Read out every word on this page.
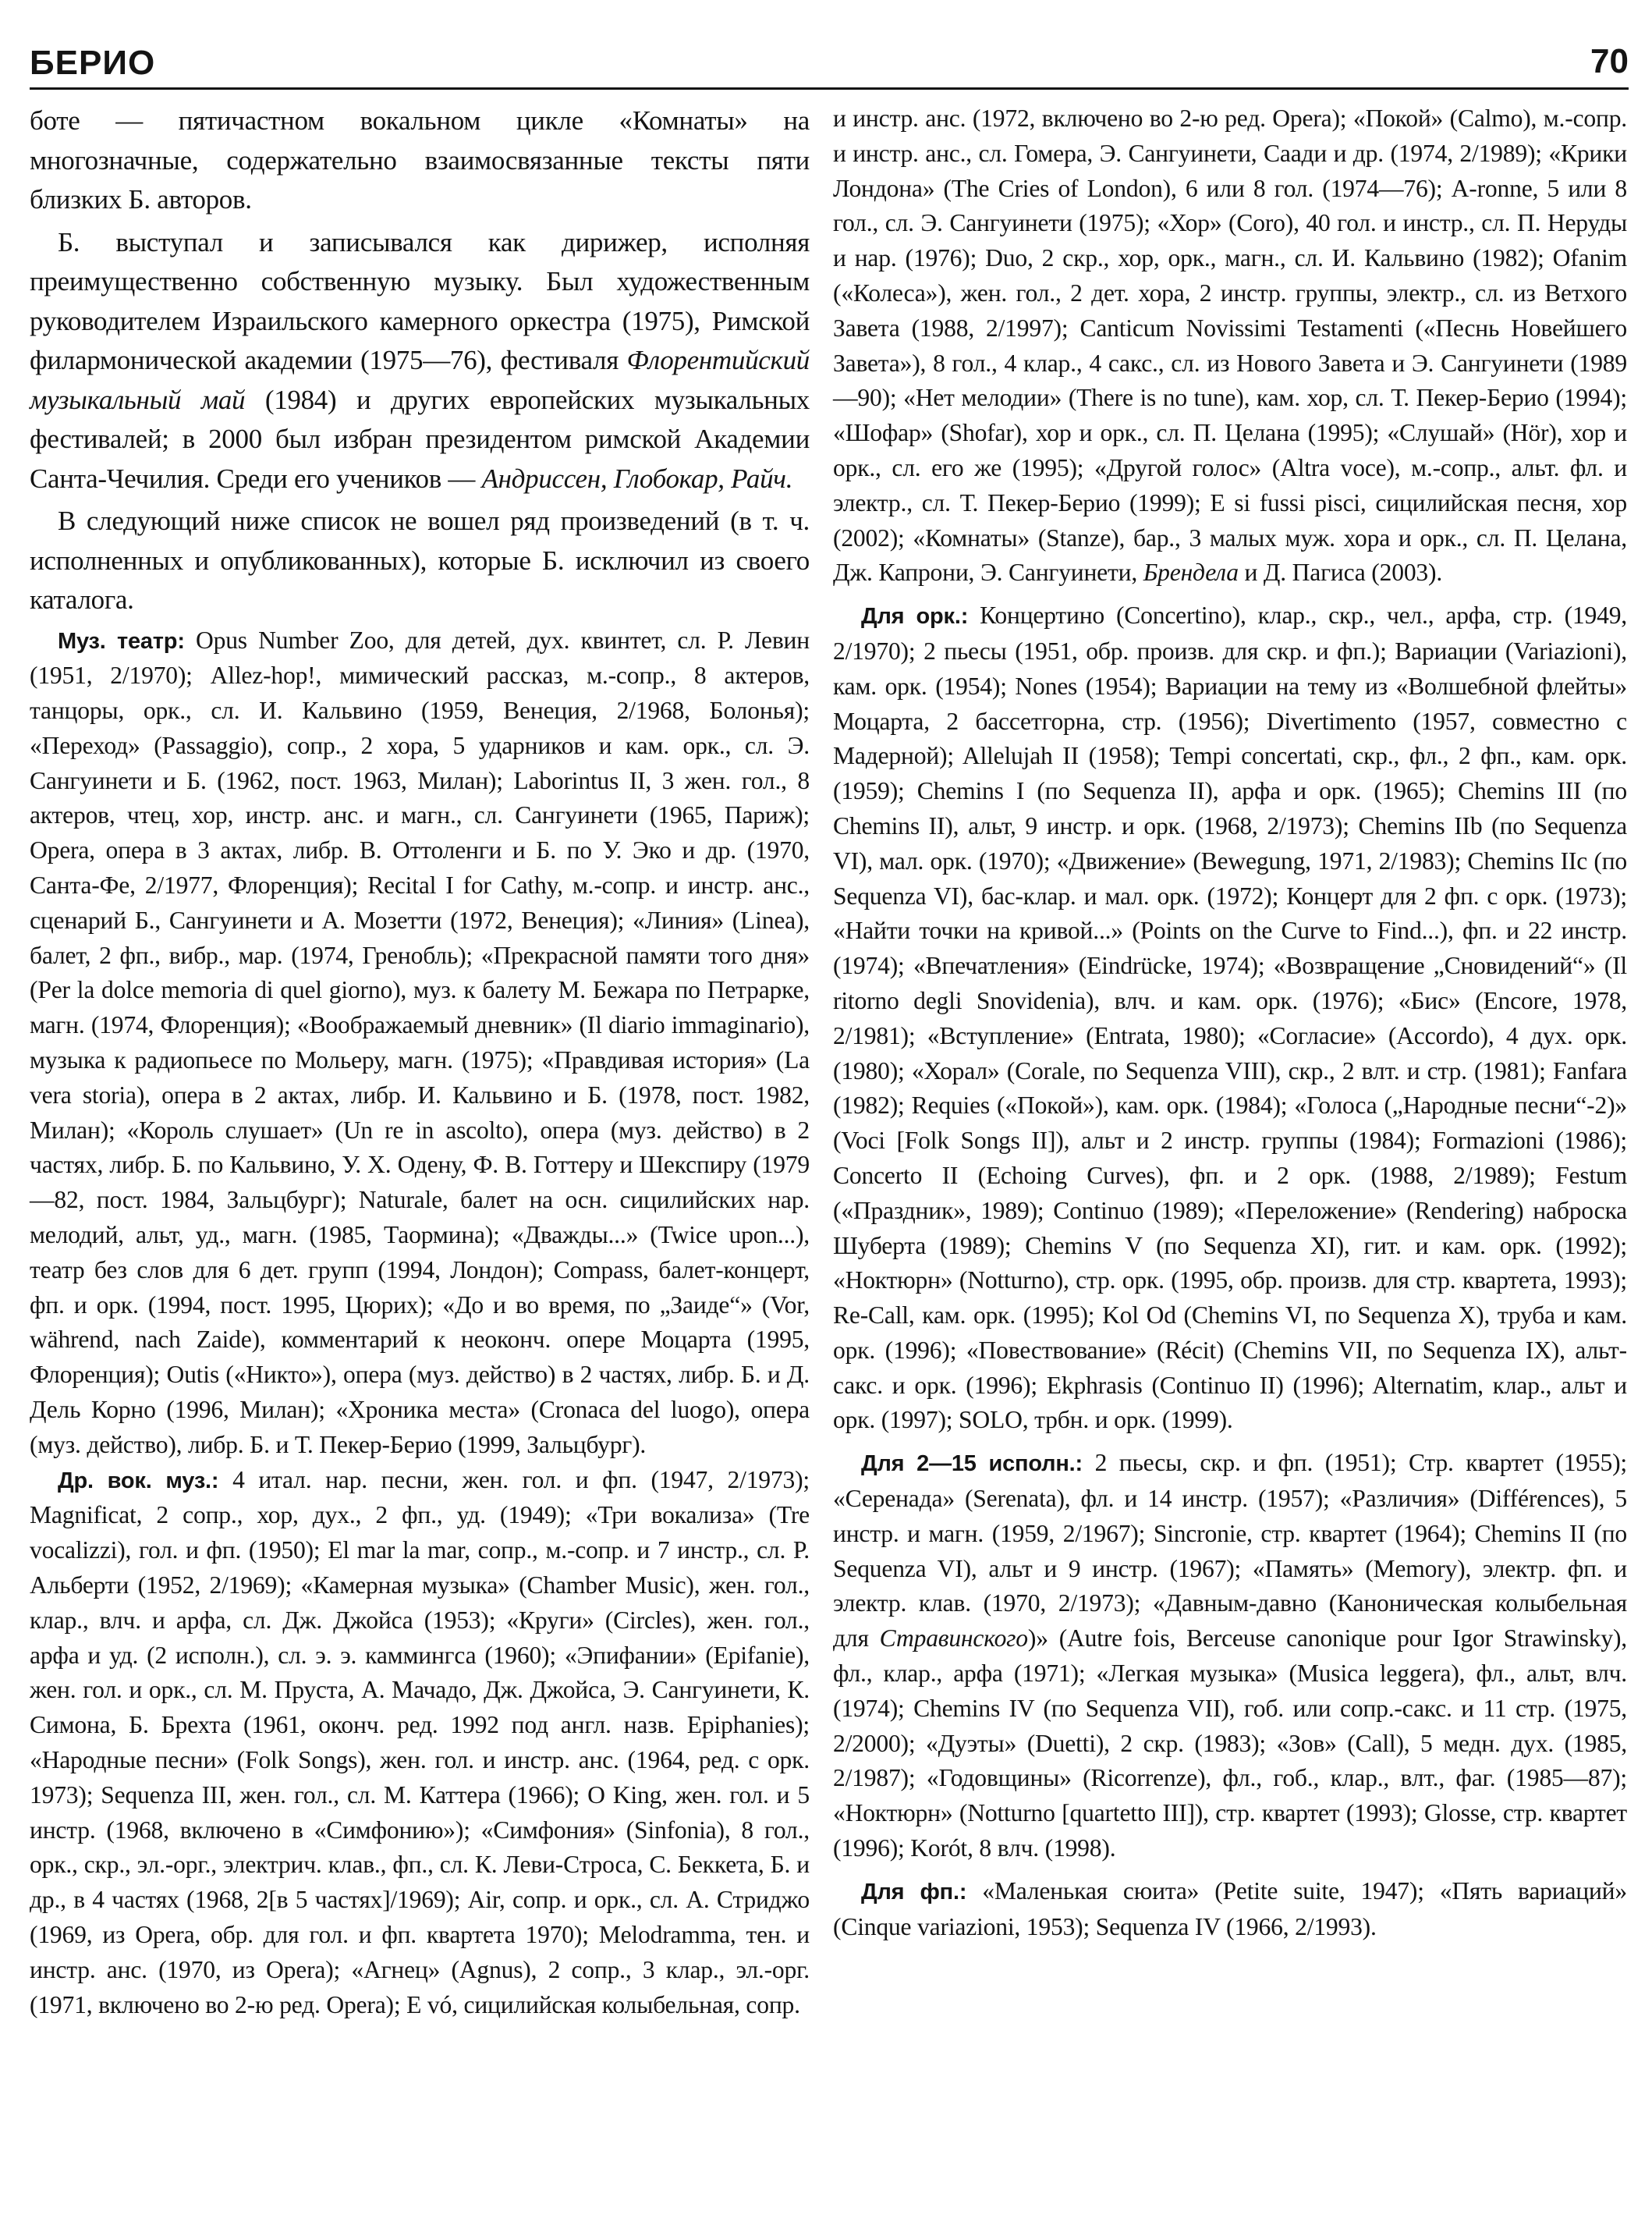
БЕРИО	70

боте — пятичастном вокальном цикле «Комнаты» на многозначные, содержательно взаимосвязанные тексты пяти близких Б. авторов.

Б. выступал и записывался как дирижер, исполняя преимущественно собственную музыку. Был художественным руководителем Израильского камерного оркестра (1975), Римской филармонической академии (1975—76), фестиваля Флорентийский музыкальный май (1984) и других европейских музыкальных фестивалей; в 2000 был избран президентом римской Академии Санта-Чечилия. Среди его учеников — Андриссен, Глобокар, Райч.

В следующий ниже список не вошел ряд произведений (в т. ч. исполненных и опубликованных), которые Б. исключил из своего каталога.

Муз. театр: Opus Number Zoo, для детей, дух. квинтет, сл. Р. Левин (1951, 2/1970); Allez-hop!, мимический рассказ, м.-сопр., 8 актеров, танцоры, орк., сл. И. Кальвино (1959, Венеция, 2/1968, Болонья); «Переход» (Passaggio), сопр., 2 хора, 5 ударников и кам. орк., сл. Э. Сангуинети и Б. (1962, пост. 1963, Милан); Laborintus II, 3 жен. гол., 8 актеров, чтец, хор, инстр. анс. и магн., сл. Сангуинети (1965, Париж); Opera, опера в 3 актах, либр. В. Оттоленги и Б. по У. Эко и др. (1970, Санта-Фе, 2/1977, Флоренция); Recital I for Cathy, м.-сопр. и инстр. анс., сценарий Б., Сангуинети и А. Мозетти (1972, Венеция); «Линия» (Linea), балет, 2 фп., вибр., мар. (1974, Гренобль); «Прекрасной памяти того дня» (Per la dolce memoria di quel giorno), муз. к балету М. Бежара по Петрарке, магн. (1974, Флоренция); «Воображаемый дневник» (Il diario immaginario), музыка к радиопьесе по Мольеру, магн. (1975); «Правдивая история» (La vera storia), опера в 2 актах, либр. И. Кальвино и Б. (1978, пост. 1982, Милан); «Король слушает» (Un re in ascolto), опера (муз. действо) в 2 частях, либр. Б. по Кальвино, У. Х. Одену, Ф. В. Готтеру и Шекспиру (1979—82, пост. 1984, Зальцбург); Naturale, балет на осн. сицилийских нар. мелодий, альт, уд., магн. (1985, Таормина); «Дважды...» (Twice upon...), театр без слов для 6 дет. групп (1994, Лондон); Compass, балет-концерт, фп. и орк. (1994, пост. 1995, Цюрих); «До и во время, по „Заиде“» (Vor, während, nach Zaide), комментарий к неоконч. опере Моцарта (1995, Флоренция); Outis («Никто»), опера (муз. действо) в 2 частях, либр. Б. и Д. Дель Корно (1996, Милан); «Хроника места» (Cronaca del luogo), опера (муз. действо), либр. Б. и Т. Пекер-Берио (1999, Зальцбург).

Др. вок. муз.: 4 итал. нар. песни, жен. гол. и фп. (1947, 2/1973); Magnificat, 2 сопр., хор, дух., 2 фп., уд. (1949); «Три вокализа» (Tre vocalizzi), гол. и фп. (1950); El mar la mar, сопр., м.-сопр. и 7 инстр., сл. Р. Альберти (1952, 2/1969); «Камерная музыка» (Chamber Music), жен. гол., клар., влч. и арфа, сл. Дж. Джойса (1953); «Круги» (Circles), жен. гол., арфа и уд. (2 исполн.), сл. э. э. каммингса (1960); «Эпифании» (Epifanie), жен. гол. и орк., сл. М. Пруста, А. Мачадо, Дж. Джойса, Э. Сангуинети, К. Симона, Б. Брехта (1961, оконч. ред. 1992 под англ. назв. Epiphanies); «Народные песни» (Folk Songs), жен. гол. и инстр. анс. (1964, ред. с орк. 1973); Sequenza III, жен. гол., сл. М. Каттера (1966); O King, жен. гол. и 5 инстр. (1968, включено в «Симфонию»); «Симфония» (Sinfonia), 8 гол., орк., скр., эл.-орг., электрич. клав., фп., сл. К. Леви-Строса, С. Беккета, Б. и др., в 4 частях (1968, 2[в 5 частях]/1969); Air, сопр. и орк., сл. А. Стриджо (1969, из Opera, обр. для гол. и фп. квартета 1970); Melodramma, тен. и инстр. анс. (1970, из Opera); «Агнец» (Agnus), 2 сопр., 3 клар., эл.-орг. (1971, включено во 2-ю ред. Opera); E vó, сицилийская колыбельная, сопр.

и инстр. анс. (1972, включено во 2-ю ред. Opera); «Покой» (Calmo), м.-сопр. и инстр. анс., сл. Гомера, Э. Сангуинети, Саади и др. (1974, 2/1989); «Крики Лондона» (The Cries of London), 6 или 8 гол. (1974—76); A-ronne, 5 или 8 гол., сл. Э. Сангуинети (1975); «Хор» (Coro), 40 гол. и инстр., сл. П. Неруды и нар. (1976); Duo, 2 скр., хор, орк., магн., сл. И. Кальвино (1982); Ofanim («Колеса»), жен. гол., 2 дет. хора, 2 инстр. группы, электр., сл. из Ветхого Завета (1988, 2/1997); Canticum Novissimi Testamenti («Песнь Новейшего Завета»), 8 гол., 4 клар., 4 сакс., сл. из Нового Завета и Э. Сангуинети (1989—90); «Нет мелодии» (There is no tune), кам. хор, сл. Т. Пекер-Берио (1994); «Шофар» (Shofar), хор и орк., сл. П. Целана (1995); «Слушай» (Hör), хор и орк., сл. его же (1995); «Другой голос» (Altra voce), м.-сопр., альт. фл. и электр., сл. Т. Пекер-Берио (1999); E si fussi pisci, сицилийская песня, хор (2002); «Комнаты» (Stanze), бар., 3 малых муж. хора и орк., сл. П. Целана, Дж. Капрони, Э. Сангуинети, Брендела и Д. Пагиса (2003).

Для орк.: Концертино (Concertino), клар., скр., чел., арфа, стр. (1949, 2/1970); 2 пьесы (1951, обр. произв. для скр. и фп.); Вариации (Variazioni), кам. орк. (1954); Nones (1954); Вариации на тему из «Волшебной флейты» Моцарта, 2 бассетгорна, стр. (1956); Divertimento (1957, совместно с Мадерной); Allelujah II (1958); Tempi concertati, скр., фл., 2 фп., кам. орк. (1959); Chemins I (по Sequenza II), арфа и орк. (1965); Chemins III (по Chemins II), альт, 9 инстр. и орк. (1968, 2/1973); Chemins IIb (по Sequenza VI), мал. орк. (1970); «Движение» (Bewegung, 1971, 2/1983); Chemins IIc (по Sequenza VI), бас-клар. и мал. орк. (1972); Концерт для 2 фп. с орк. (1973); «Найти точки на кривой...» (Points on the Curve to Find...), фп. и 22 инстр. (1974); «Впечатления» (Eindrücke, 1974); «Возвращение „Сновидений“» (Il ritorno degli Snovidenia), влч. и кам. орк. (1976); «Бис» (Encore, 1978, 2/1981); «Вступление» (Entrata, 1980); «Согласие» (Accordo), 4 дух. орк. (1980); «Хорал» (Corale, по Sequenza VIII), скр., 2 влт. и стр. (1981); Fanfara (1982); Requies («Покой»), кам. орк. (1984); «Голоса („Народные песни“-2)» (Voci [Folk Songs II]), альт и 2 инстр. группы (1984); Formazioni (1986); Concerto II (Echoing Curves), фп. и 2 орк. (1988, 2/1989); Festum («Праздник», 1989); Continuo (1989); «Переложение» (Rendering) наброска Шуберта (1989); Chemins V (по Sequenza XI), гит. и кам. орк. (1992); «Ноктюрн» (Notturno), стр. орк. (1995, обр. произв. для стр. квартета, 1993); Re-Call, кам. орк. (1995); Kol Od (Chemins VI, по Sequenza X), труба и кам. орк. (1996); «Повествование» (Récit) (Chemins VII, по Sequenza IX), альт-сакс. и орк. (1996); Ekphrasis (Continuo II) (1996); Alternatim, клар., альт и орк. (1997); SOLO, трбн. и орк. (1999).

Для 2—15 исполн.: 2 пьесы, скр. и фп. (1951); Стр. квартет (1955); «Серенада» (Serenata), фл. и 14 инстр. (1957); «Различия» (Différences), 5 инстр. и магн. (1959, 2/1967); Sincronie, стр. квартет (1964); Chemins II (по Sequenza VI), альт и 9 инстр. (1967); «Память» (Memory), электр. фп. и электр. клав. (1970, 2/1973); «Давным-давно (Каноническая колыбельная для Стравинского)» (Autre fois, Berceuse canonique pour Igor Strawinsky), фл., клар., арфа (1971); «Легкая музыка» (Musica leggera), фл., альт, влч. (1974); Chemins IV (по Sequenza VII), гоб. или сопр.-сакс. и 11 стр. (1975, 2/2000); «Дуэты» (Duetti), 2 скр. (1983); «Зов» (Call), 5 медн. дух. (1985, 2/1987); «Годовщины» (Ricorrenze), фл., гоб., клар., влт., фаг. (1985—87); «Ноктюрн» (Notturno [quartetto III]), стр. квартет (1993); Glosse, стр. квартет (1996); Korót, 8 влч. (1998).

Для фп.: «Маленькая сюита» (Petite suite, 1947); «Пять вариаций» (Cinque variazioni, 1953); Sequenza IV (1966, 2/1993).
